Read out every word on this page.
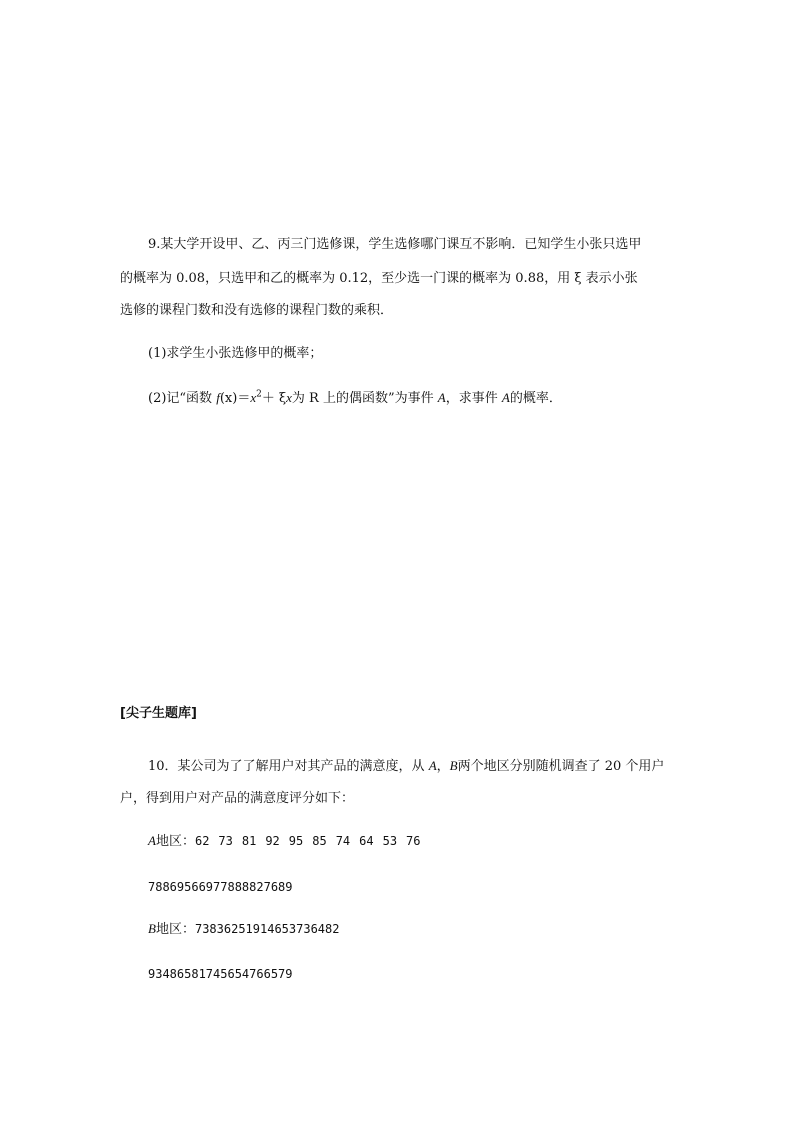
9.某大学开设甲、乙、丙三门选修课，学生选修哪门课互不影响．已知学生小张只选甲
的概率为 0.08，只选甲和乙的概率为 0.12，至少选一门课的概率为 0.88，用 ξ 表示小张
选修的课程门数和没有选修的课程门数的乘积．
(1)求学生小张选修甲的概率；
(2)记“函数 $f(x)=x^2+ \xi x$为 R 上的偶函数”为事件 A，求事件 A的概率．
[尖子生题库]
10．某公司为了了解用户对其产品的满意度，从 A，B两个地区分别随机调查了 20 个用户
户，得到用户对产品的满意度评分如下：
A地区：62 73 81 92 95 85 74 64 53 76
78869566977888827689
B地区：73836251914653736482
93486581745654766579
